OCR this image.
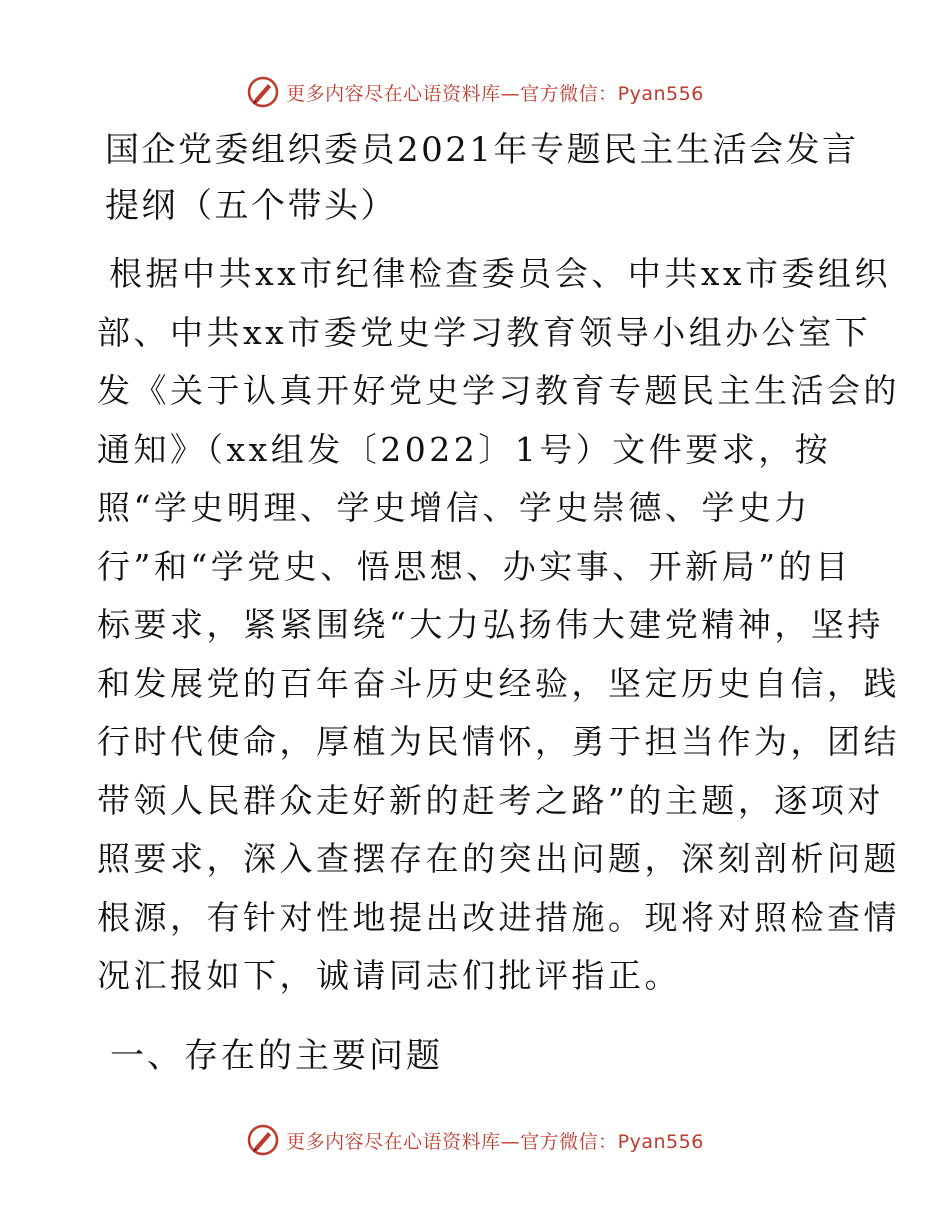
更多内容尽在心语资料库—官方微信：Pyan556
国企党委组织委员2021年专题民主生活会发言提纲（五个带头）
根据中共xx市纪律检查委员会、中共xx市委组织
部、中共xx市委党史学习教育领导小组办公室下
发《关于认真开好党史学习教育专题民主生活会的
通知》（xx组发〔2022〕1号）文件要求，按
照“学史明理、学史增信、学史崇德、学史力
行”和“学党史、悟思想、办实事、开新局”的目
标要求，紧紧围绕“大力弘扬伟大建党精神，坚持
和发展党的百年奋斗历史经验，坚定历史自信，践
行时代使命，厚植为民情怀，勇于担当作为，团结
带领人民群众走好新的赶考之路”的主题，逐项对
照要求，深入查摆存在的突出问题，深刻剖析问题
根源，有针对性地提出改进措施。现将对照检查情
况汇报如下，诚请同志们批评指正。
一、存在的主要问题
更多内容尽在心语资料库—官方微信：Pyan556
